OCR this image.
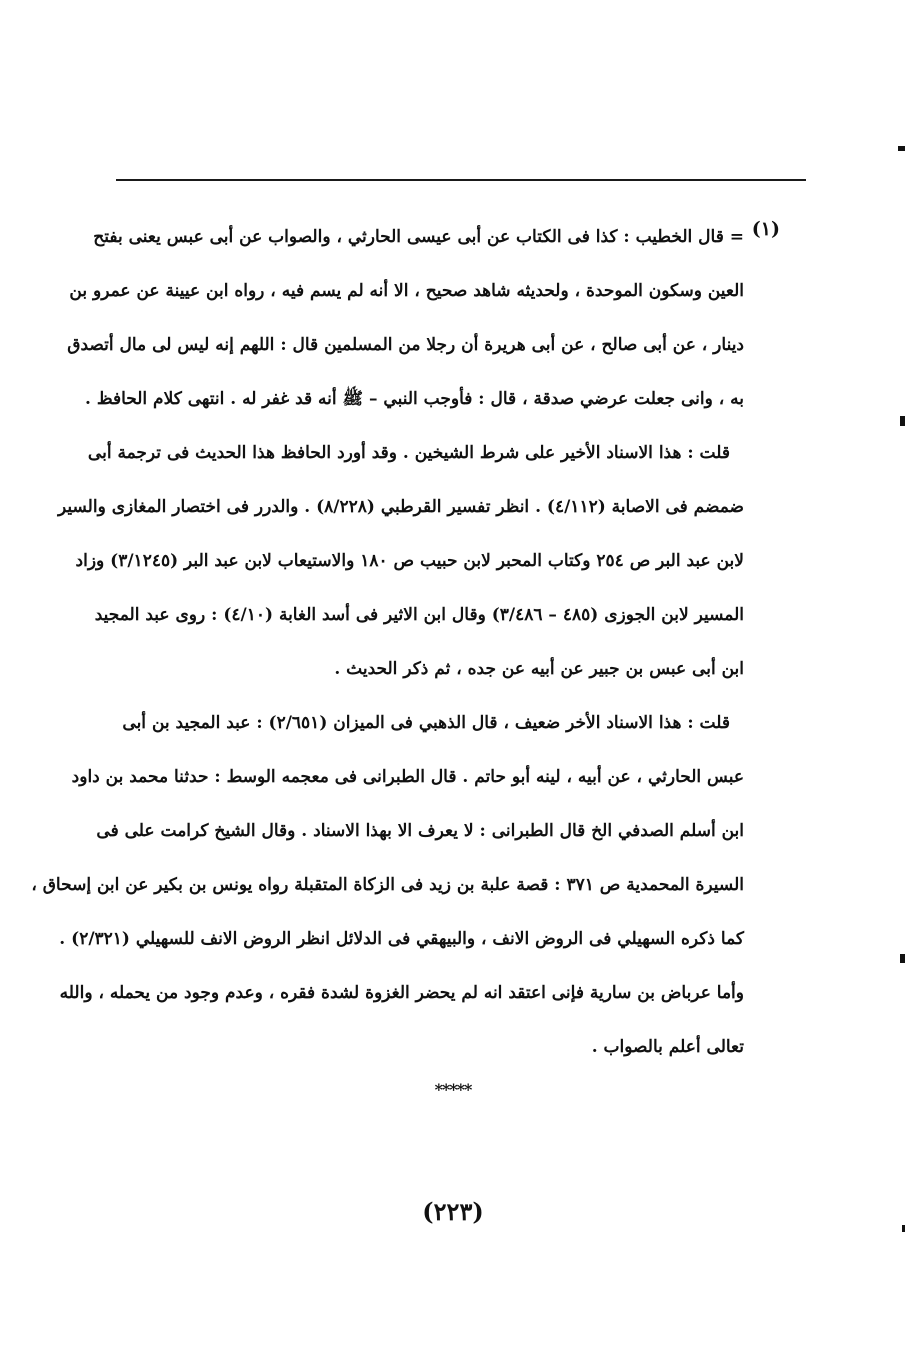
(١)
= قال الخطيب : كذا فى الكتاب عن أبى عيسى الحارثي ، والصواب عن أبى عبس يعنى بفتح
العين وسكون الموحدة ، ولحديثه شاهد صحيح ، الا أنه لم يسم فيه ، رواه ابن عيينة عن عمرو بن
دينار ، عن أبى صالح ، عن أبى هريرة أن رجلا من المسلمين قال : اللهم إنه ليس لى مال أتصدق
به ، وانى جعلت عرضي صدقة ، قال : فأوجب النبي – ﷺ أنه قد غفر له . انتهى كلام الحافظ .
قلت : هذا الاسناد الأخير على شرط الشيخين . وقد أورد الحافظ هذا الحديث فى ترجمة أبى
ضمضم فى الاصابة (٤/١١٢) . انظر تفسير القرطبي (٨/٢٢٨) . والدرر فى اختصار المغازى والسير
لابن عبد البر ص ٢٥٤ وكتاب المحبر لابن حبيب ص ١٨٠ والاستيعاب لابن عبد البر (٣/١٢٤٥) وزاد
المسير لابن الجوزى (٤٨٥ – ٣/٤٨٦) وقال ابن الاثير فى أسد الغابة (٤/١٠) : روى عبد المجيد
ابن أبى عبس بن جبير عن أبيه عن جده ، ثم ذكر الحديث .
قلت : هذا الاسناد الأخر ضعيف ، قال الذهبي فى الميزان (٢/٦٥١) : عبد المجيد بن أبى
عبس الحارثي ، عن أبيه ، لينه أبو حاتم . قال الطبرانى فى معجمه الوسط : حدثنا محمد بن داود
ابن أسلم الصدفي الخ قال الطبرانى : لا يعرف الا بهذا الاسناد . وقال الشيخ كرامت على فى
السيرة المحمدية ص ٣٧١ : قصة علبة بن زيد فى الزكاة المتقبلة رواه يونس بن بكير عن ابن إسحاق ،
كما ذكره السهيلي فى الروض الانف ، والبيهقي فى الدلائل انظر الروض الانف للسهيلي (٢/٣٢١) .
وأما عرباض بن سارية فإنى اعتقد انه لم يحضر الغزوة لشدة فقره ، وعدم وجود من يحمله ، والله
تعالى أعلم بالصواب .
*****
(٢٢٣)
